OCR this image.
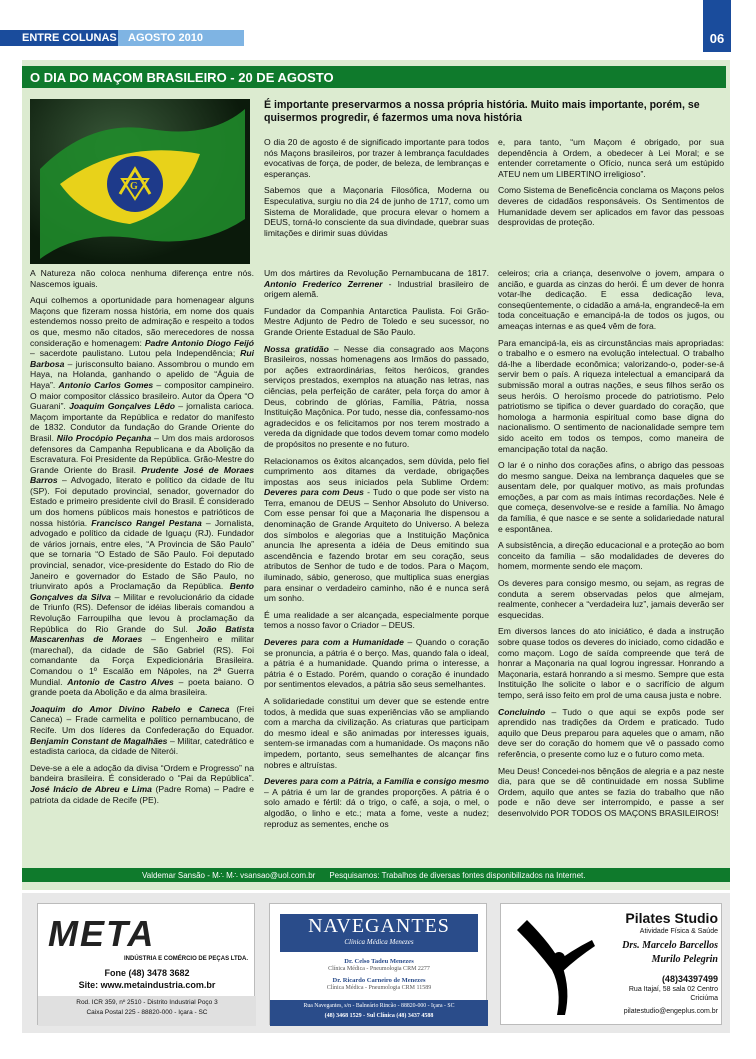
ENTRE COLUNAS	AGOSTO 2010	06
O DIA DO MAÇOM BRASILEIRO - 20 DE AGOSTO
G
É importante preservarmos a nossa própria história. Muito mais importante, porém, se quisermos progredir, é fazermos uma nova história

O dia 20 de agosto é de significado importante para todos nós Maçons brasileiros, por trazer à lembrança faculdades evocativas de força, de poder, de beleza, de lembranças e esperanças.

Sabemos que a Maçonaria Filosófica, Moderna ou Especulativa, surgiu no dia 24 de junho de 1717, como um Sistema de Moralidade, que procura elevar o homem a DEUS, torná-lo consciente da sua divindade, quebrar suas limitações e dirimir suas dúvidas

e, para tanto, “um Maçom é obrigado, por sua dependência à Ordem, a obedecer à Lei Moral; e se entender corretamente o Ofício, nunca será um estúpido ATEU nem um LIBERTINO irreligioso”.

Como Sistema de Beneficência conclama os Maçons pelos deveres de cidadãos responsáveis. Os Sentimentos de Humanidade devem ser aplicados em favor das pessoas desprovidas de proteção.

A Natureza não coloca nenhuma diferença entre nós. Nascemos iguais.

Aqui colhemos a oportunidade para homenagear alguns Maçons que fizeram nossa história, em nome dos quais estendemos nosso preito de admiração e respeito a todos os que, mesmo não citados, são merecedores de nossa consideração e homenagem: Padre Antonio Diogo Feijó – sacerdote paulistano. Lutou pela Independência; Rui Barbosa – jurisconsulto baiano. Assombrou o mundo em Haya, na Holanda, ganhando o apelido de “Águia de Haya”. Antonio Carlos Gomes – compositor campineiro. O maior compositor clássico brasileiro. Autor da Ópera “O Guarani”. Joaquim Gonçalves Lêdo – jornalista carioca. Maçom importante da República e redator do manifesto de 1832. Condutor da fundação do Grande Oriente do Brasil. Nilo Procópio Peçanha – Um dos mais ardorosos defensores da Campanha Republicana e da Abolição da Escravatura. Foi Presidente da República. Grão-Mestre do Grande Oriente do Brasil. Prudente José de Moraes Barros – Advogado, literato e político da cidade de Itu (SP). Foi deputado provincial, senador, governador do Estado e primeiro presidente civil do Brasil. É considerado um dos homens públicos mais honestos e patrióticos de nossa história. Francisco Rangel Pestana – Jornalista, advogado e político da cidade de Iguaçu (RJ). Fundador de vários jornais, entre eles, “A Provincia de São Paulo” que se tornaria “O Estado de São Paulo. Foi deputado provincial, senador, vice-presidente do Estado do Rio de Janeiro e governador do Estado de São Paulo, no triunvirato após a Proclamação da República. Bento Gonçalves da Silva – Militar e revolucionário da cidade de Triunfo (RS). Defensor de idéias liberais comandou a Revolução Farroupilha que levou à proclamação da República do Rio Grande do Sul. João Batista Mascarenhas de Moraes – Engenheiro e militar (marechal), da cidade de São Gabriel (RS). Foi comandante da Força Expedicionária Brasileira. Comandou o 1º Escalão em Nápoles, na 2ª Guerra Mundial. Antonio de Castro Alves – poeta baiano. O grande poeta da Abolição e da alma brasileira.

Joaquim do Amor Divino Rabelo e Caneca (Frei Caneca) – Frade carmelita e político pernambucano, de Recife. Um dos líderes da Confederação do Equador. Benjamin Constant de Magalhães – Militar, catedrático e estadista carioca, da cidade de Niterói.

Deve-se a ele a adoção da divisa “Ordem e Progresso” na bandeira brasileira. É considerado o “Pai da República”. José Inácio de Abreu e Lima (Padre Roma) – Padre e patriota da cidade de Recife (PE).

Um dos mártires da Revolução Pernambucana de 1817. Antonio Frederico Zerrener - Industrial brasileiro de origem alemã.

Fundador da Companhia Antarctica Paulista. Foi Grão-Mestre Adjunto de Pedro de Toledo e seu sucessor, no Grande Oriente Estadual de São Paulo.

Nossa gratidão – Nesse dia consagrado aos Maçons Brasileiros, nossas homenagens aos Irmãos do passado, por ações extraordinárias, feitos heróicos, grandes serviços prestados, exemplos na atuação nas letras, nas ciências, pela perfeição de caráter, pela força do amor à Deus, cobrindo de glórias, Família, Pátria, nossa Instituição Maçônica. Por tudo, nesse dia, confessamo-nos agradecidos e os felicitamos por nos terem mostrado a vereda da dignidade que todos devem tomar como modelo de propósitos no presente e no futuro.

Relacionamos os êxitos alcançados, sem dúvida, pelo fiel cumprimento aos ditames da verdade, obrigações impostas aos seus iniciados pela Sublime Ordem: Deveres para com Deus - Tudo o que pode ser visto na Terra, emanou de DEUS – Senhor Absoluto do Universo. Com esse pensar foi que a Maçonaria lhe dispensou a denominação de Grande Arquiteto do Universo. A beleza dos símbolos e alegorias que a Instituição Maçônica anuncia lhe apresenta a idéia de Deus emitindo sua ascendência e fazendo brotar em seu coração, seus atributos de Senhor de tudo e de todos. Para o Maçom, iluminado, sábio, generoso, que multiplica suas energias para ensinar o verdadeiro caminho, não é e nunca será um sonho.

É uma realidade a ser alcançada, especialmente porque temos a nosso favor o Criador – DEUS.

Deveres para com a Humanidade – Quando o coração se pronuncia, a pátria é o berço. Mas, quando fala o ideal, a pátria é a humanidade. Quando prima o interesse, a pátria é o Estado. Porém, quando o coração é inundado por sentimentos elevados, a pátria são seus semelhantes.

A solidariedade constitui um dever que se estende entre todos, à medida que suas experiências vão se ampliando com a marcha da civilização. As criaturas que participam do mesmo ideal e são animadas por interesses iguais, sentem-se irmanadas com a humanidade. Os maçons não impedem, portanto, seus semelhantes de alcançar fins nobres e altruístas.

Deveres para com a Pátria, a Família e consigo mesmo – A pátria é um lar de grandes proporções. A pátria é o solo amado e fértil: dá o trigo, o café, a soja, o mel, o algodão, o linho e etc.; mata a fome, veste a nudez; reproduz as sementes, enche os

celeiros; cria a criança, desenvolve o jovem, ampara o ancião, e guarda as cinzas do herói. É um dever de honra votar-lhe dedicação. E essa dedicação leva, conseqüentemente, o cidadão a amá-la, engrandecê-la em toda conceituação e emancipá-la de todos os jugos, ou ameaças internas e as que4 vêm de fora.

Para emancipá-la, eis as circunstâncias mais apropriadas: o trabalho e o esmero na evolução intelectual. O trabalho dá-lhe a liberdade econômica; valorizando-o, poder-se-á servir bem o país. A riqueza intelectual a emancipará da submissão moral a outras nações, e seus filhos serão os seus heróis. O heroísmo procede do patriotismo. Pelo patriotismo se tipifica o dever guardado do coração, que homologa a harmonia espiritual como base digna do nacionalismo. O sentimento de nacionalidade sempre tem sido aceito em todos os tempos, como maneira de emancipação total da nação.

O lar é o ninho dos corações afins, o abrigo das pessoas do mesmo sangue. Deixa na lembrança daqueles que se ausentam dele, por qualquer motivo, as mais profundas emoções, a par com as mais íntimas recordações. Nele é que começa, desenvolve-se e reside a família. No âmago da família, é que nasce e se sente a solidariedade natural e espontânea.

A subsistência, a direção educacional e a proteção ao bom conceito da família – são modalidades de deveres do homem, mormente sendo ele maçom.

Os deveres para consigo mesmo, ou sejam, as regras de conduta a serem observadas pelos que almejam, realmente, conhecer a “verdadeira luz”, jamais deverão ser esquecidas.

Em diversos lances do ato iniciático, é dada a instrução sobre quase todos os deveres do iniciado, como cidadão e como maçom. Logo de saída compreende que terá de honrar a Maçonaria na qual logrou ingressar. Honrando a Maçonaria, estará honrando a si mesmo. Sempre que esta Instituição lhe solicite o labor e o sacrifício de algum tempo, será isso feito em prol de uma causa justa e nobre.

Concluindo – Tudo o que aqui se expôs pode ser aprendido nas tradições da Ordem e praticado. Tudo aquilo que Deus preparou para aqueles que o amam, não deve ser do coração do homem que vê o passado como referência, o presente como luz e o futuro como meta.

Meu Deus! Concedei-nos bênçãos de alegria e a paz neste dia, para que se dê continuidade em nossa Sublime Ordem, aquilo que antes se fazia do trabalho que não pode e não deve ser interrompido, e passe a ser desenvolvido POR TODOS OS MAÇONS BRASILEIROS!

Valdemar Sansão - M∴ M∴ vsansao@uol.com.br Pesquisamos: Trabalhos de diversas fontes disponibilizados na Internet.
META
INDÚSTRIA E COMÉRCIO DE PEÇAS LTDA.
Fone (48) 3478 3682
Site: www.metaindustria.com.br
Rod. ICR 359, nº 2510 - Distrito Industrial Poço 3
Caixa Postal 225 - 88820-000 - Içara - SC
NAVEGANTES
Clínica Médica Menezes
Dr. Celso Tadeu Menezes
Clínica Médica - Pneumologia CRM 2277
Dr. Ricardo Carneiro de Menezes
Clínica Médica - Pneumologia CRM 11589
Rua Navegantes, s/n - Balneário Rincão - 88820-000 - Içara - SC
(48) 3468 1529 - Sul Clínica (48) 3437 4588
Pilates Studio
Atividade Física & Saúde
Drs. Marcelo Barcellos
Murilo Pelegrin
(48)34397499
Rua Itajaí, 58 sala 02 Centro
Criciúma
pilatestudio@engeplus.com.br
